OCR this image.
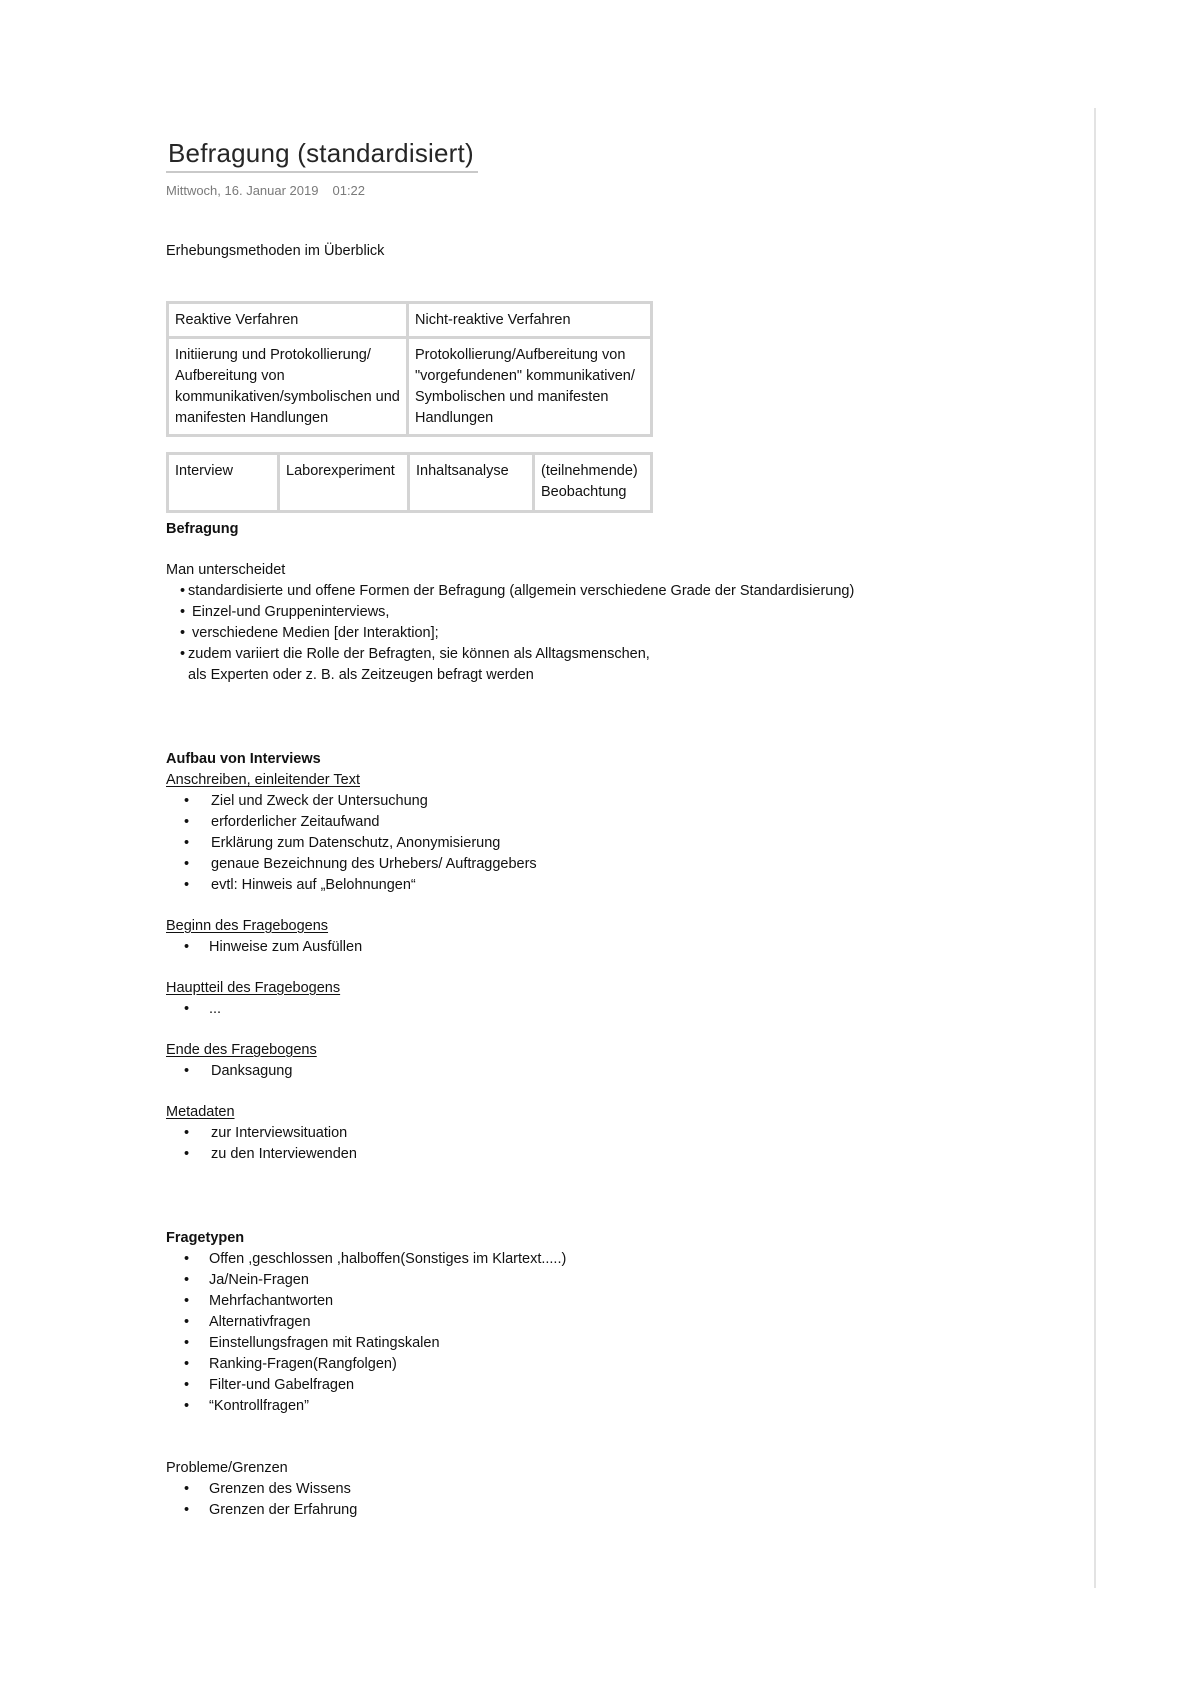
Befragung (standardisiert)
Mittwoch, 16. Januar 2019 01:22
Erhebungsmethoden im Überblick
Reaktive Verfahren	Nicht-reaktive Verfahren
Initiierung und Protokollierung/ Aufbereitung von kommunikativen/symbolischen und manifesten Handlungen	Protokollierung/Aufbereitung von "vorgefundenen" kommunikativen/ Symbolischen und manifesten Handlungen
Interview	Laborexperiment	Inhaltsanalyse	(teilnehmende) Beobachtung
Befragung
Man unterscheidet
• standardisierte und offene Formen der Befragung (allgemein verschiedene Grade der Standardisierung)
• Einzel-und Gruppeninterviews,
• verschiedene Medien [der Interaktion];
• zudem variiert die Rolle der Befragten, sie können als Alltagsmenschen,
als Experten oder z. B. als Zeitzeugen befragt werden
Aufbau von Interviews
Anschreiben, einleitender Text
• Ziel und Zweck der Untersuchung
• erforderlicher Zeitaufwand
• Erklärung zum Datenschutz, Anonymisierung
• genaue Bezeichnung des Urhebers/ Auftraggebers
• evtl: Hinweis auf „Belohnungen“
Beginn des Fragebogens
• Hinweise zum Ausfüllen
Hauptteil des Fragebogens
• ...
Ende des Fragebogens
• Danksagung
Metadaten
• zur Interviewsituation
• zu den Interviewenden
Fragetypen
• Offen ,geschlossen ,halboffen(Sonstiges im Klartext.....)
• Ja/Nein-Fragen
• Mehrfachantworten
• Alternativfragen
• Einstellungsfragen mit Ratingskalen
• Ranking-Fragen(Rangfolgen)
• Filter-und Gabelfragen
• “Kontrollfragen”
Probleme/Grenzen
• Grenzen des Wissens
• Grenzen der Erfahrung
